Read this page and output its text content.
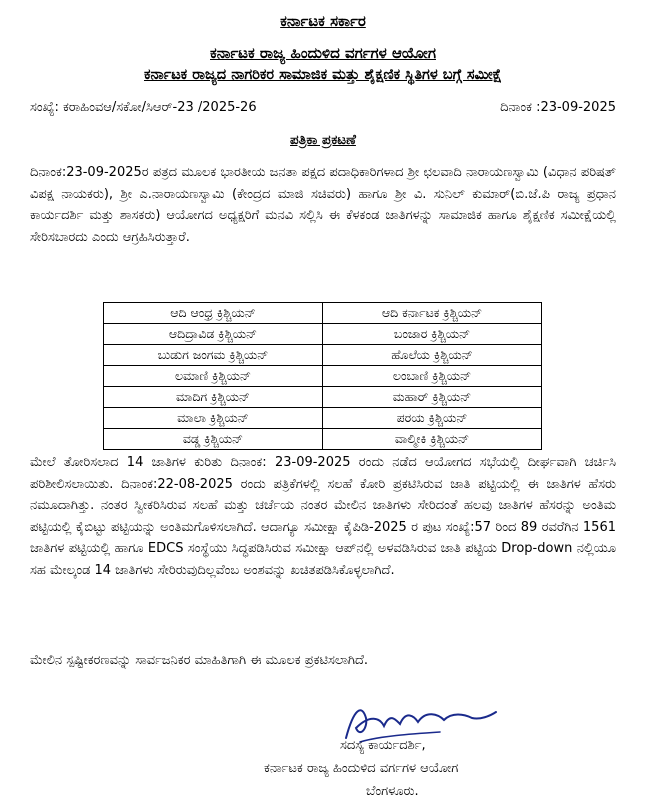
ಕರ್ನಾಟಕ ಸರ್ಕಾರ
ಕರ್ನಾಟಕ ರಾಜ್ಯ ಹಿಂದುಳಿದ ವರ್ಗಗಳ ಆಯೋಗ
ಕರ್ನಾಟಕ ರಾಜ್ಯದ ನಾಗರಿಕರ ಸಾಮಾಜಿಕ ಮತ್ತು ಶೈಕ್ಷಣಿಕ ಸ್ಥಿತಿಗಳ ಬಗ್ಗೆ ಸಮೀಕ್ಷೆ
ಸಂಖ್ಯೆ: ಕರಾಹಿಂವಆ/ಸಕೋ/ಸಿಆರ್-23 /2025-26	ದಿನಾಂಕ :23-09-2025
ಪತ್ರಿಕಾ ಪ್ರಕಟಣೆ
ದಿನಾಂಕ:23-09-2025ರ ಪತ್ರದ ಮೂಲಕ ಭಾರತೀಯ ಜನತಾ ಪಕ್ಷದ ಪದಾಧಿಕಾರಿಗಳಾದ ಶ್ರೀ ಛಲವಾದಿ ನಾರಾಯಣಸ್ವಾಮಿ (ವಿಧಾನ ಪರಿಷತ್ ವಿಪಕ್ಷ ನಾಯಕರು), ಶ್ರೀ ಎ.ನಾರಾಯಣಸ್ವಾಮಿ (ಕೇಂದ್ರದ ಮಾಜಿ ಸಚಿವರು) ಹಾಗೂ ಶ್ರೀ ವಿ. ಸುನಿಲ್ ಕುಮಾರ್(ಬಿ.ಜೆ.ಪಿ ರಾಜ್ಯ ಪ್ರಧಾನ ಕಾರ್ಯದರ್ಶಿ ಮತ್ತು ಶಾಸಕರು) ಆಯೋಗದ ಅಧ್ಯಕ್ಷರಿಗೆ ಮನವಿ ಸಲ್ಲಿಸಿ ಈ ಕೆಳಕಂಡ ಜಾತಿಗಳನ್ನು ಸಾಮಾಜಿಕ ಹಾಗೂ ಶೈಕ್ಷಣಿಕ ಸಮೀಕ್ಷೆಯಲ್ಲಿ ಸೇರಿಸಬಾರದು ಎಂದು ಆಗ್ರಹಿಸಿರುತ್ತಾರೆ.
ಆದಿ ಆಂಧ್ರ ಕ್ರಿಶ್ಚಿಯನ್	ಆದಿ ಕರ್ನಾಟಕ ಕ್ರಿಶ್ಚಿಯನ್
ಆದಿದ್ರಾವಿಡ ಕ್ರಿಶ್ಚಿಯನ್	ಬಂಜಾರ ಕ್ರಿಶ್ಚಿಯನ್
ಬುಡುಗ ಜಂಗಮ ಕ್ರಿಶ್ಚಿಯನ್	ಹೊಲೆಯ ಕ್ರಿಶ್ಚಿಯನ್
ಲಮಾಣಿ ಕ್ರಿಶ್ಚಿಯನ್	ಲಂಬಾಣಿ ಕ್ರಿಶ್ಚಿಯನ್
ಮಾದಿಗ ಕ್ರಿಶ್ಚಿಯನ್	ಮಹಾರ್ ಕ್ರಿಶ್ಚಿಯನ್
ಮಾಲಾ ಕ್ರಿಶ್ಚಿಯನ್	ಪರಯ ಕ್ರಿಶ್ಚಿಯನ್
ವಡ್ಡ ಕ್ರಿಶ್ಚಿಯನ್	ವಾಲ್ಮೀಕಿ ಕ್ರಿಶ್ಚಿಯನ್
ಮೇಲೆ ತೋರಿಸಲಾದ 14 ಜಾತಿಗಳ ಕುರಿತು ದಿನಾಂಕ: 23-09-2025 ರಂದು ನಡೆದ ಆಯೋಗದ ಸಭೆಯಲ್ಲಿ ದೀರ್ಘವಾಗಿ ಚರ್ಚಿಸಿ ಪರಿಶೀಲಿಸಲಾಯಿತು. ದಿನಾಂಕ:22-08-2025 ರಂದು ಪತ್ರಿಕೆಗಳಲ್ಲಿ ಸಲಹೆ ಕೋರಿ ಪ್ರಕಟಿಸಿರುವ ಜಾತಿ ಪಟ್ಟಿಯಲ್ಲಿ ಈ ಜಾತಿಗಳ ಹೆಸರು ನಮೂದಾಗಿತ್ತು. ನಂತರ ಸ್ವೀಕರಿಸಿರುವ ಸಲಹೆ ಮತ್ತು ಚರ್ಚೆಯ ನಂತರ ಮೇಲಿನ ಜಾತಿಗಳು ಸೇರಿದಂತೆ ಹಲವು ಜಾತಿಗಳ ಹೆಸರನ್ನು ಅಂತಿಮ ಪಟ್ಟಿಯಲ್ಲಿ ಕೈಬಿಟ್ಟು ಪಟ್ಟಿಯನ್ನು ಅಂತಿಮಗೊಳಿಸಲಾಗಿದೆ. ಆದಾಗ್ಯೂ ಸಮೀಕ್ಷಾ ಕೈಪಿಡಿ-2025 ರ ಪುಟ ಸಂಖ್ಯೆ:57 ರಿಂದ 89 ರವರೆಗಿನ 1561 ಜಾತಿಗಳ ಪಟ್ಟಿಯಲ್ಲಿ ಹಾಗೂ EDCS ಸಂಸ್ಥೆಯು ಸಿದ್ಧಪಡಿಸಿರುವ ಸಮೀಕ್ಷಾ ಆಪ್‌ನಲ್ಲಿ ಅಳವಡಿಸಿರುವ ಜಾತಿ ಪಟ್ಟಿಯ Drop-down ನಲ್ಲಿಯೂ ಸಹ ಮೇಲ್ಕಂಡ 14 ಜಾತಿಗಳು ಸೇರಿರುವುದಿಲ್ಲವೆಂಬ ಅಂಶವನ್ನು ಖಚಿತಪಡಿಸಿಕೊಳ್ಳಲಾಗಿದೆ.
ಮೇಲಿನ ಸ್ಪಷ್ಟೀಕರಣವನ್ನು ಸಾರ್ವಜನಿಕರ ಮಾಹಿತಿಗಾಗಿ ಈ ಮೂಲಕ ಪ್ರಕಟಿಸಲಾಗಿದೆ.
ಸದಸ್ಯ ಕಾರ್ಯದರ್ಶಿ,
ಕರ್ನಾಟಕ ರಾಜ್ಯ ಹಿಂದುಳಿದ ವರ್ಗಗಳ ಆಯೋಗ
ಬೆಂಗಳೂರು.
